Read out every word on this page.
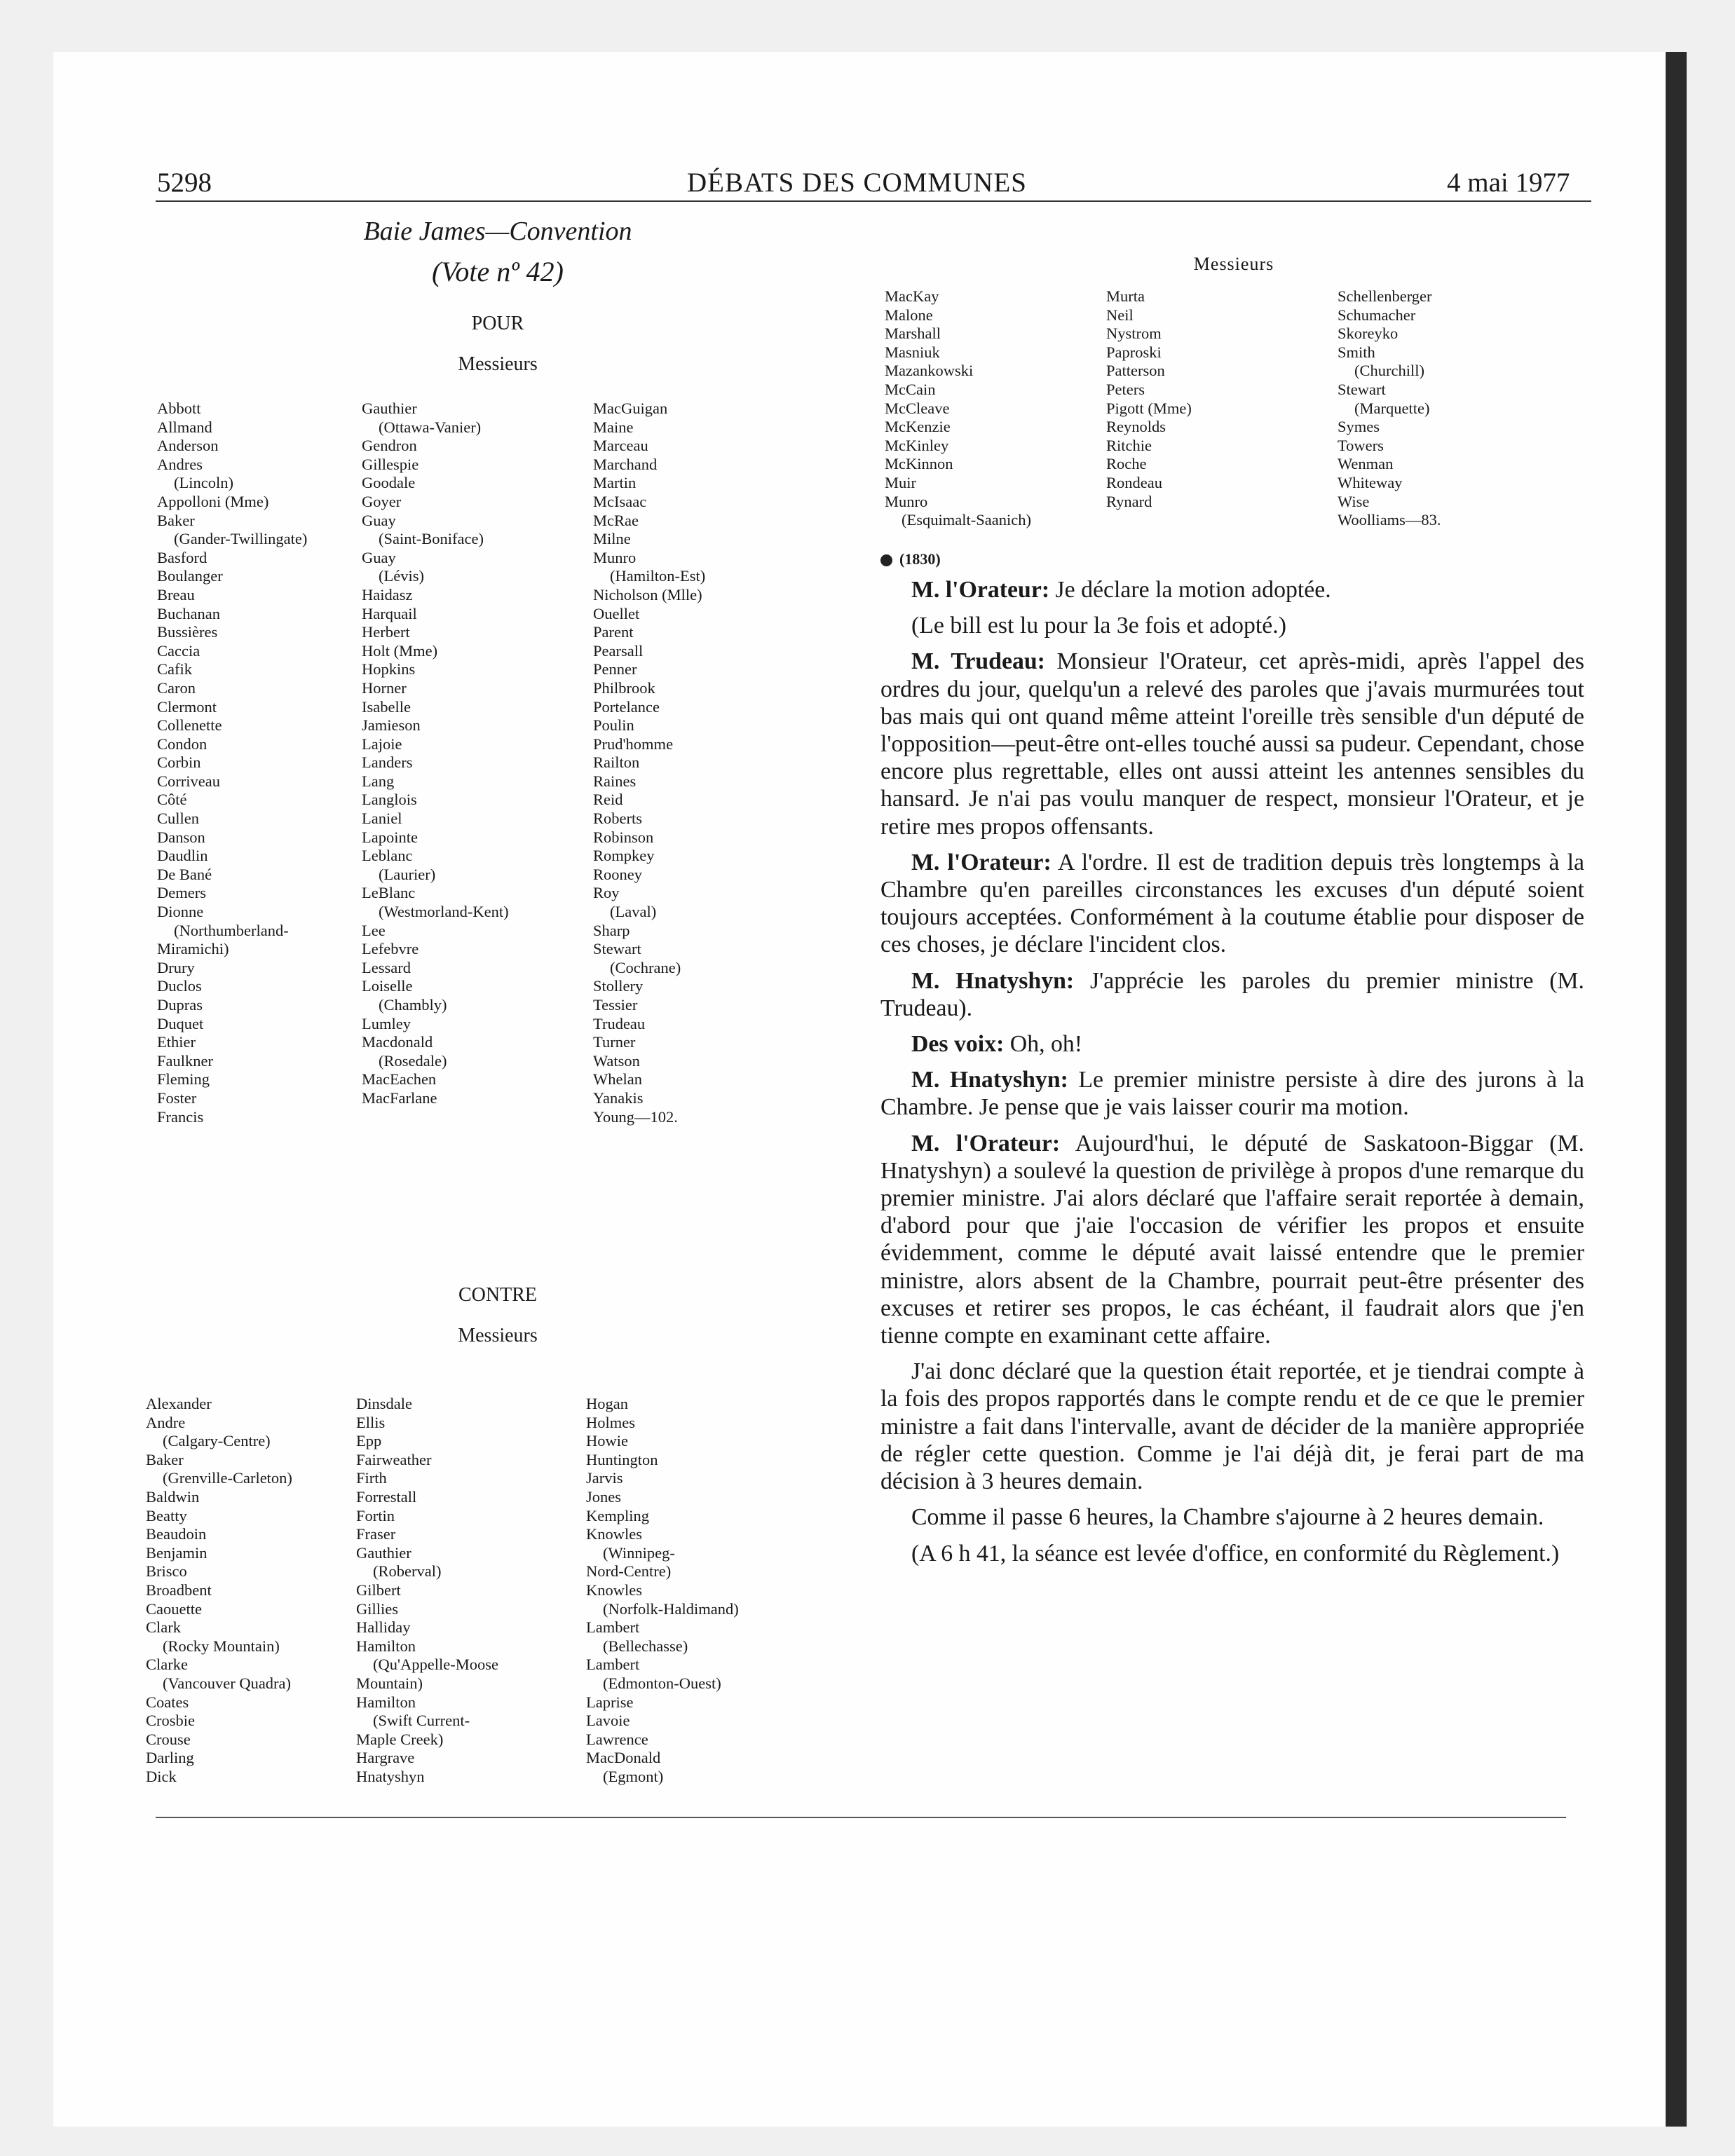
5298	DÉBATS DES COMMUNES	4 mai 1977
Baie James—Convention
(Vote nº 42)
POUR
Messieurs
Abbott
Allmand
Anderson
Andres
(Lincoln)
Appolloni (Mme)
Baker
(Gander-Twillingate)
Basford
Boulanger
Breau
Buchanan
Bussières
Caccia
Cafik
Caron
Clermont
Collenette
Condon
Corbin
Corriveau
Côté
Cullen
Danson
Daudlin
De Bané
Demers
Dionne
(Northumberland-
Miramichi)
Drury
Duclos
Dupras
Duquet
Ethier
Faulkner
Fleming
Foster
Francis
Gauthier
(Ottawa-Vanier)
Gendron
Gillespie
Goodale
Goyer
Guay
(Saint-Boniface)
Guay
(Lévis)
Haidasz
Harquail
Herbert
Holt (Mme)
Hopkins
Horner
Isabelle
Jamieson
Lajoie
Landers
Lang
Langlois
Laniel
Lapointe
Leblanc
(Laurier)
LeBlanc
(Westmorland-Kent)
Lee
Lefebvre
Lessard
Loiselle
(Chambly)
Lumley
Macdonald
(Rosedale)
MacEachen
MacFarlane
MacGuigan
Maine
Marceau
Marchand
Martin
McIsaac
McRae
Milne
Munro
(Hamilton-Est)
Nicholson (Mlle)
Ouellet
Parent
Pearsall
Penner
Philbrook
Portelance
Poulin
Prud'homme
Railton
Raines
Reid
Roberts
Robinson
Rompkey
Rooney
Roy
(Laval)
Sharp
Stewart
(Cochrane)
Stollery
Tessier
Trudeau
Turner
Watson
Whelan
Yanakis
Young—102.
CONTRE
Messieurs
Alexander
Andre
(Calgary-Centre)
Baker
(Grenville-Carleton)
Baldwin
Beatty
Beaudoin
Benjamin
Brisco
Broadbent
Caouette
Clark
(Rocky Mountain)
Clarke
(Vancouver Quadra)
Coates
Crosbie
Crouse
Darling
Dick
Dinsdale
Ellis
Epp
Fairweather
Firth
Forrestall
Fortin
Fraser
Gauthier
(Roberval)
Gilbert
Gillies
Halliday
Hamilton
(Qu'Appelle-Moose
Mountain)
Hamilton
(Swift Current-
Maple Creek)
Hargrave
Hnatyshyn
Hogan
Holmes
Howie
Huntington
Jarvis
Jones
Kempling
Knowles
(Winnipeg-
Nord-Centre)
Knowles
(Norfolk-Haldimand)
Lambert
(Bellechasse)
Lambert
(Edmonton-Ouest)
Laprise
Lavoie
Lawrence
MacDonald
(Egmont)
Messieurs
MacKay
Malone
Marshall
Masniuk
Mazankowski
McCain
McCleave
McKenzie
McKinley
McKinnon
Muir
Munro
(Esquimalt-Saanich)
Murta
Neil
Nystrom
Paproski
Patterson
Peters
Pigott (Mme)
Reynolds
Ritchie
Roche
Rondeau
Rynard
Schellenberger
Schumacher
Skoreyko
Smith
(Churchill)
Stewart
(Marquette)
Symes
Towers
Wenman
Whiteway
Wise
Woolliams—83.
(1830)

M. l'Orateur: Je déclare la motion adoptée.

(Le bill est lu pour la 3e fois et adopté.)

M. Trudeau: Monsieur l'Orateur, cet après-midi, après l'appel des ordres du jour, quelqu'un a relevé des paroles que j'avais murmurées tout bas mais qui ont quand même atteint l'oreille très sensible d'un député de l'opposition—peut-être ont-elles touché aussi sa pudeur. Cependant, chose encore plus regrettable, elles ont aussi atteint les antennes sensibles du hansard. Je n'ai pas voulu manquer de respect, monsieur l'Orateur, et je retire mes propos offensants.

M. l'Orateur: A l'ordre. Il est de tradition depuis très longtemps à la Chambre qu'en pareilles circonstances les excuses d'un député soient toujours acceptées. Conformément à la coutume établie pour disposer de ces choses, je déclare l'incident clos.

M. Hnatyshyn: J'apprécie les paroles du premier ministre (M. Trudeau).

Des voix: Oh, oh!

M. Hnatyshyn: Le premier ministre persiste à dire des jurons à la Chambre. Je pense que je vais laisser courir ma motion.

M. l'Orateur: Aujourd'hui, le député de Saskatoon-Biggar (M. Hnatyshyn) a soulevé la question de privilège à propos d'une remarque du premier ministre. J'ai alors déclaré que l'affaire serait reportée à demain, d'abord pour que j'aie l'occasion de vérifier les propos et ensuite évidemment, comme le député avait laissé entendre que le premier ministre, alors absent de la Chambre, pourrait peut-être présenter des excuses et retirer ses propos, le cas échéant, il faudrait alors que j'en tienne compte en examinant cette affaire.

J'ai donc déclaré que la question était reportée, et je tiendrai compte à la fois des propos rapportés dans le compte rendu et de ce que le premier ministre a fait dans l'intervalle, avant de décider de la manière appropriée de régler cette question. Comme je l'ai déjà dit, je ferai part de ma décision à 3 heures demain.

Comme il passe 6 heures, la Chambre s'ajourne à 2 heures demain.

(A 6 h 41, la séance est levée d'office, en conformité du Règlement.)
